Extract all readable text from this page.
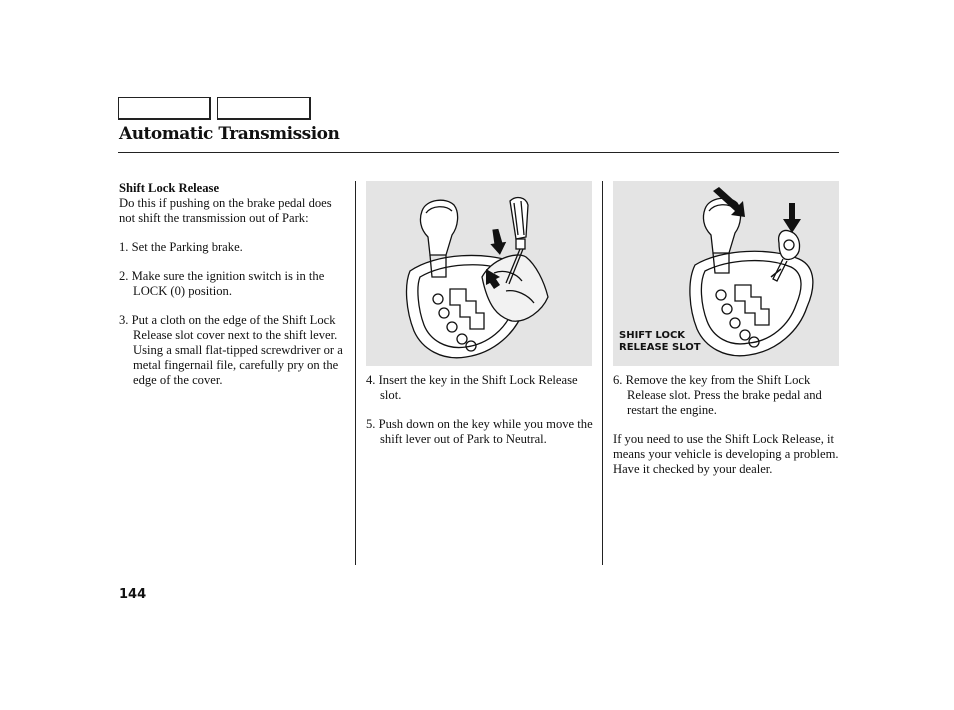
Automatic Transmission

Shift Lock Release

Do this if pushing on the brake pedal does not shift the transmission out of Park:

1. Set the Parking brake.

2. Make sure the ignition switch is in the LOCK (0) position.

3. Put a cloth on the edge of the Shift Lock Release slot cover next to the shift lever. Using a small flat-tipped screwdriver or a metal fingernail file, carefully pry on the edge of the cover.

SHIFT LOCK
RELEASE SLOT

4. Insert the key in the Shift Lock Release slot.

5. Push down on the key while you move the shift lever out of Park to Neutral.

6. Remove the key from the Shift Lock Release slot. Press the brake pedal and restart the engine.

If you need to use the Shift Lock Release, it means your vehicle is developing a problem. Have it checked by your dealer.

144
